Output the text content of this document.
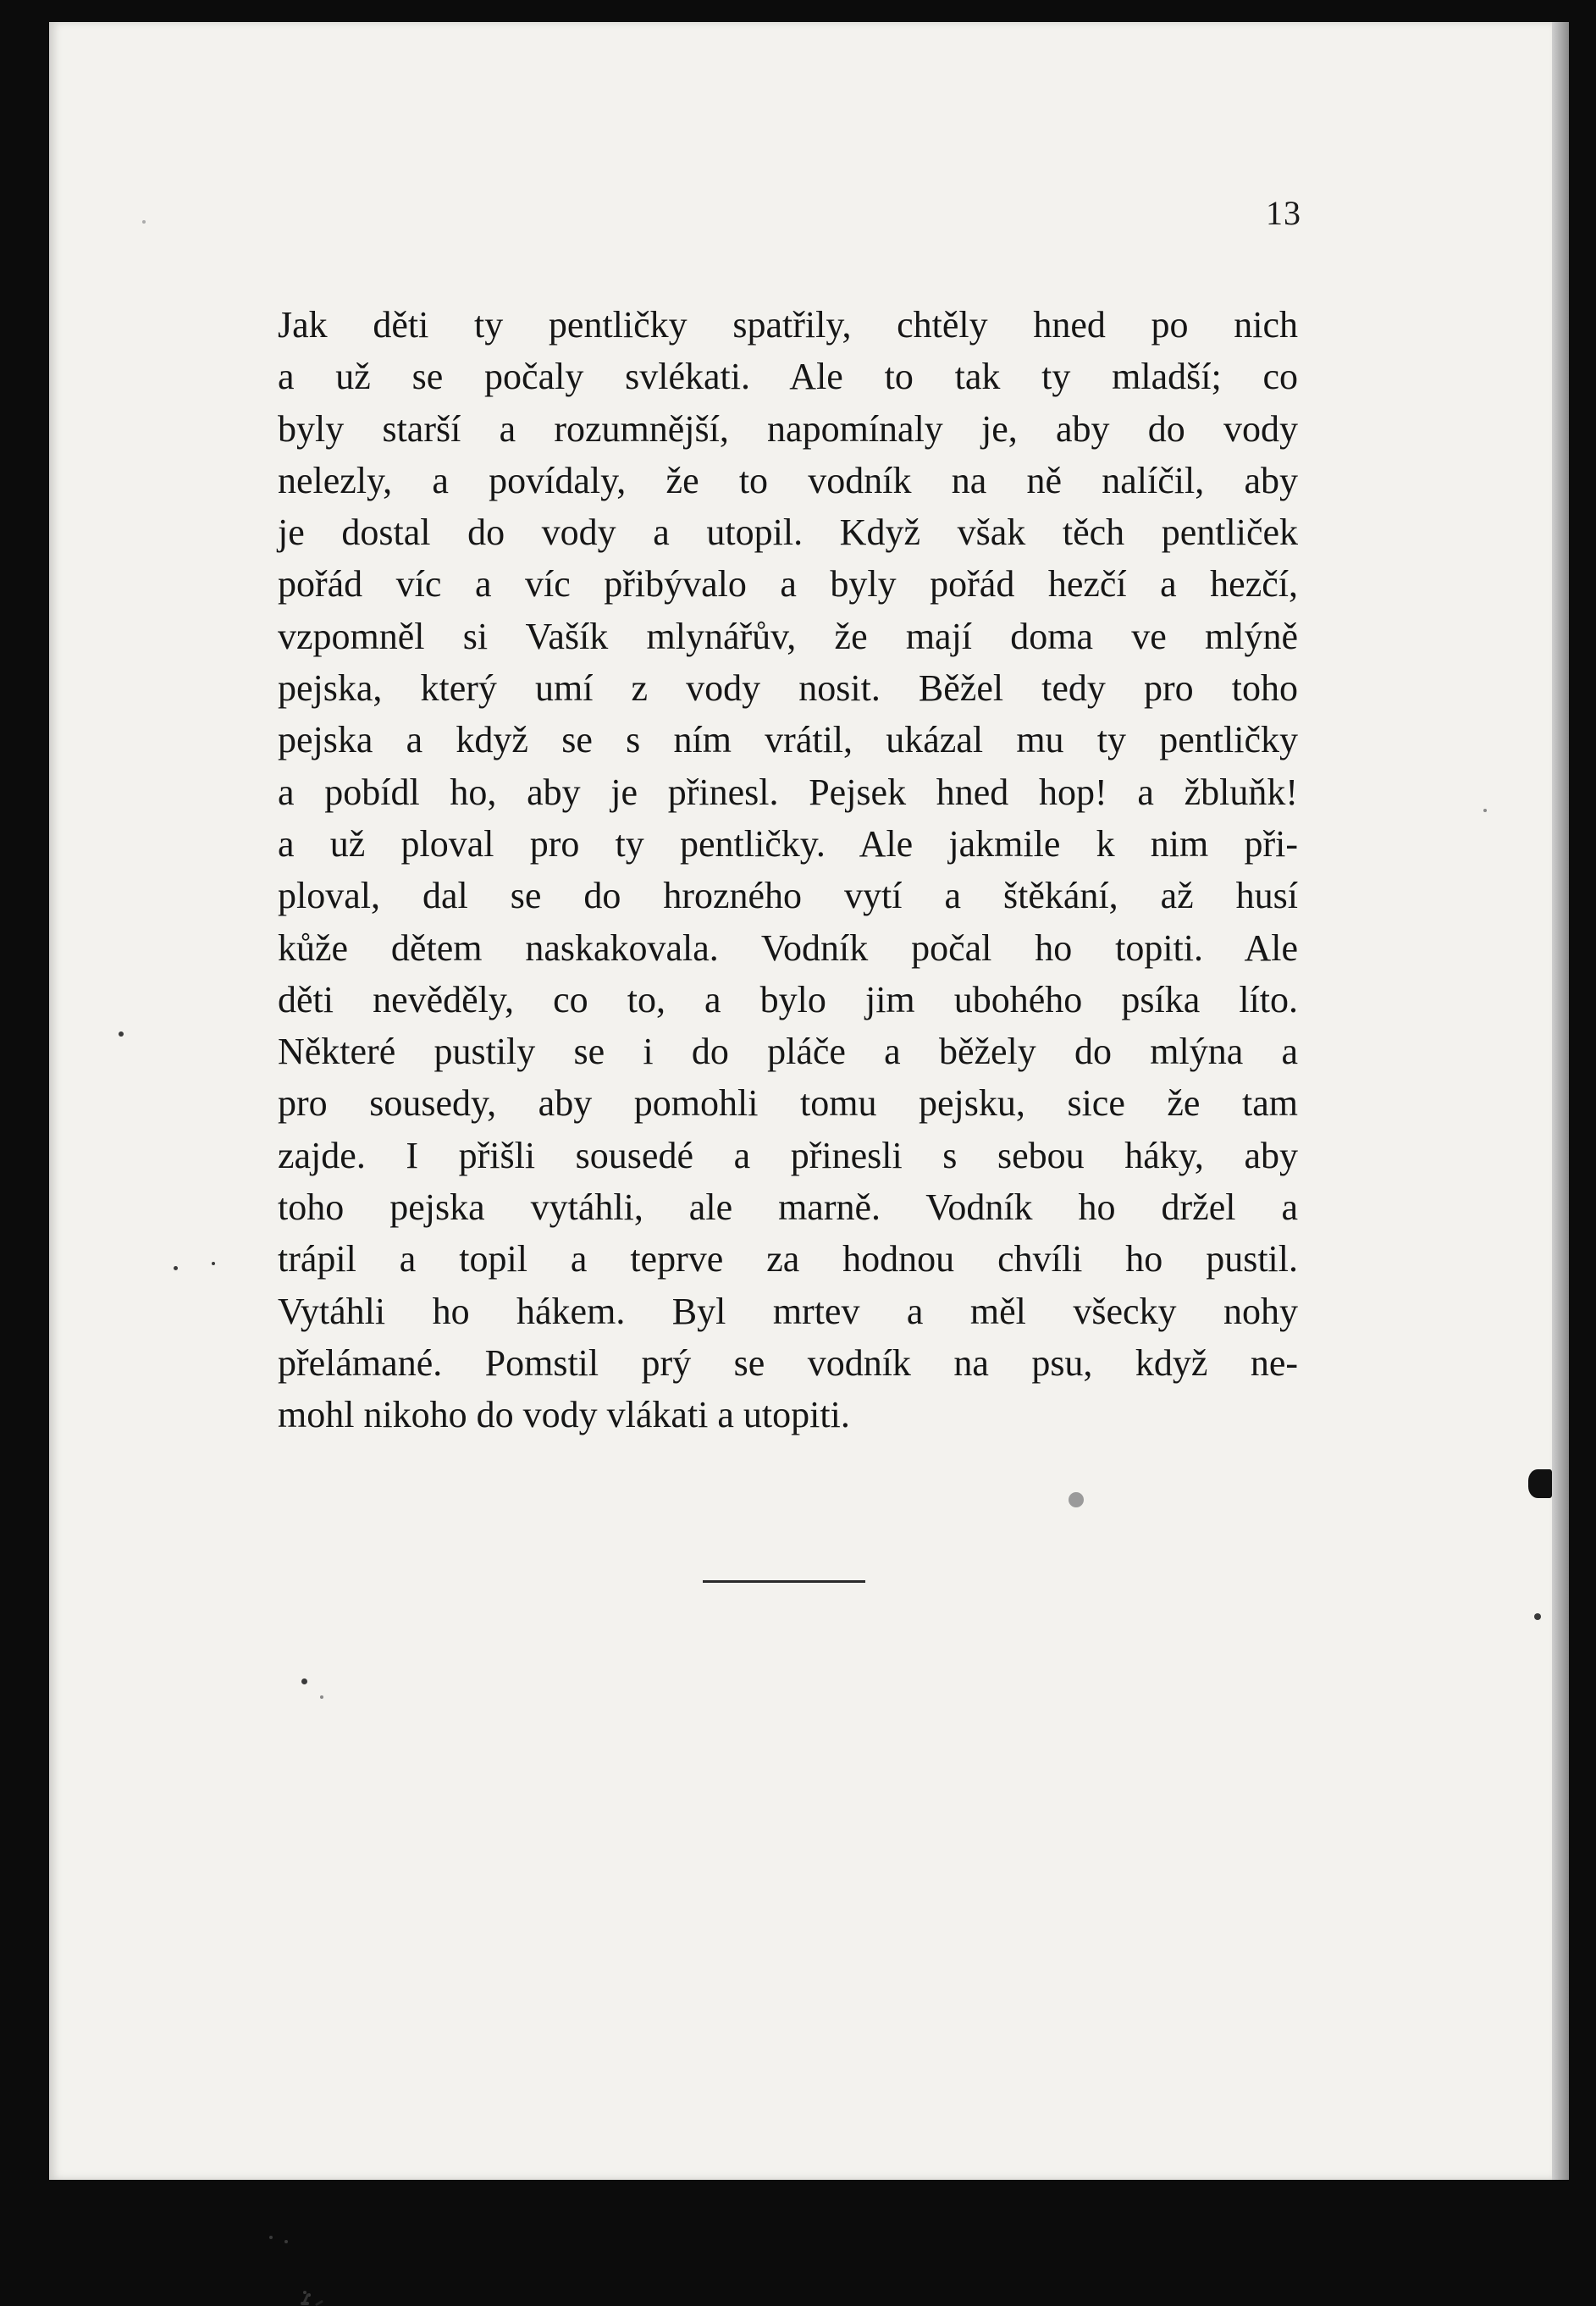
13
Jak děti ty pentličky spatřily, chtěly hned po nich
a už se počaly svlékati. Ale to tak ty mladší; co
byly starší a rozumnější, napomínaly je, aby do vody
nelezly, a povídaly, že to vodník na ně nalíčil, aby
je dostal do vody a utopil. Když však těch pentliček
pořád víc a víc přibývalo a byly pořád hezčí a hezčí,
vzpomněl si Vašík mlynářův, že mají doma ve mlýně
pejska, který umí z vody nosit. Běžel tedy pro toho
pejska a když se s ním vrátil, ukázal mu ty pentličky
a pobídl ho, aby je přinesl. Pejsek hned hop! a žbluňk!
a už ploval pro ty pentličky. Ale jakmile k nim při-
ploval, dal se do hrozného vytí a štěkání, až husí
kůže dětem naskakovala. Vodník počal ho topiti. Ale
děti nevěděly, co to, a bylo jim ubohého psíka líto.
Některé pustily se i do pláče a běžely do mlýna a
pro sousedy, aby pomohli tomu pejsku, sice že tam
zajde. I přišli sousedé a přinesli s sebou háky, aby
toho pejska vytáhli, ale marně. Vodník ho držel a
trápil a topil a teprve za hodnou chvíli ho pustil.
Vytáhli ho hákem. Byl mrtev a měl všecky nohy
přelámané. Pomstil prý se vodník na psu, když ne-
mohl nikoho do vody vlákati a utopiti.
